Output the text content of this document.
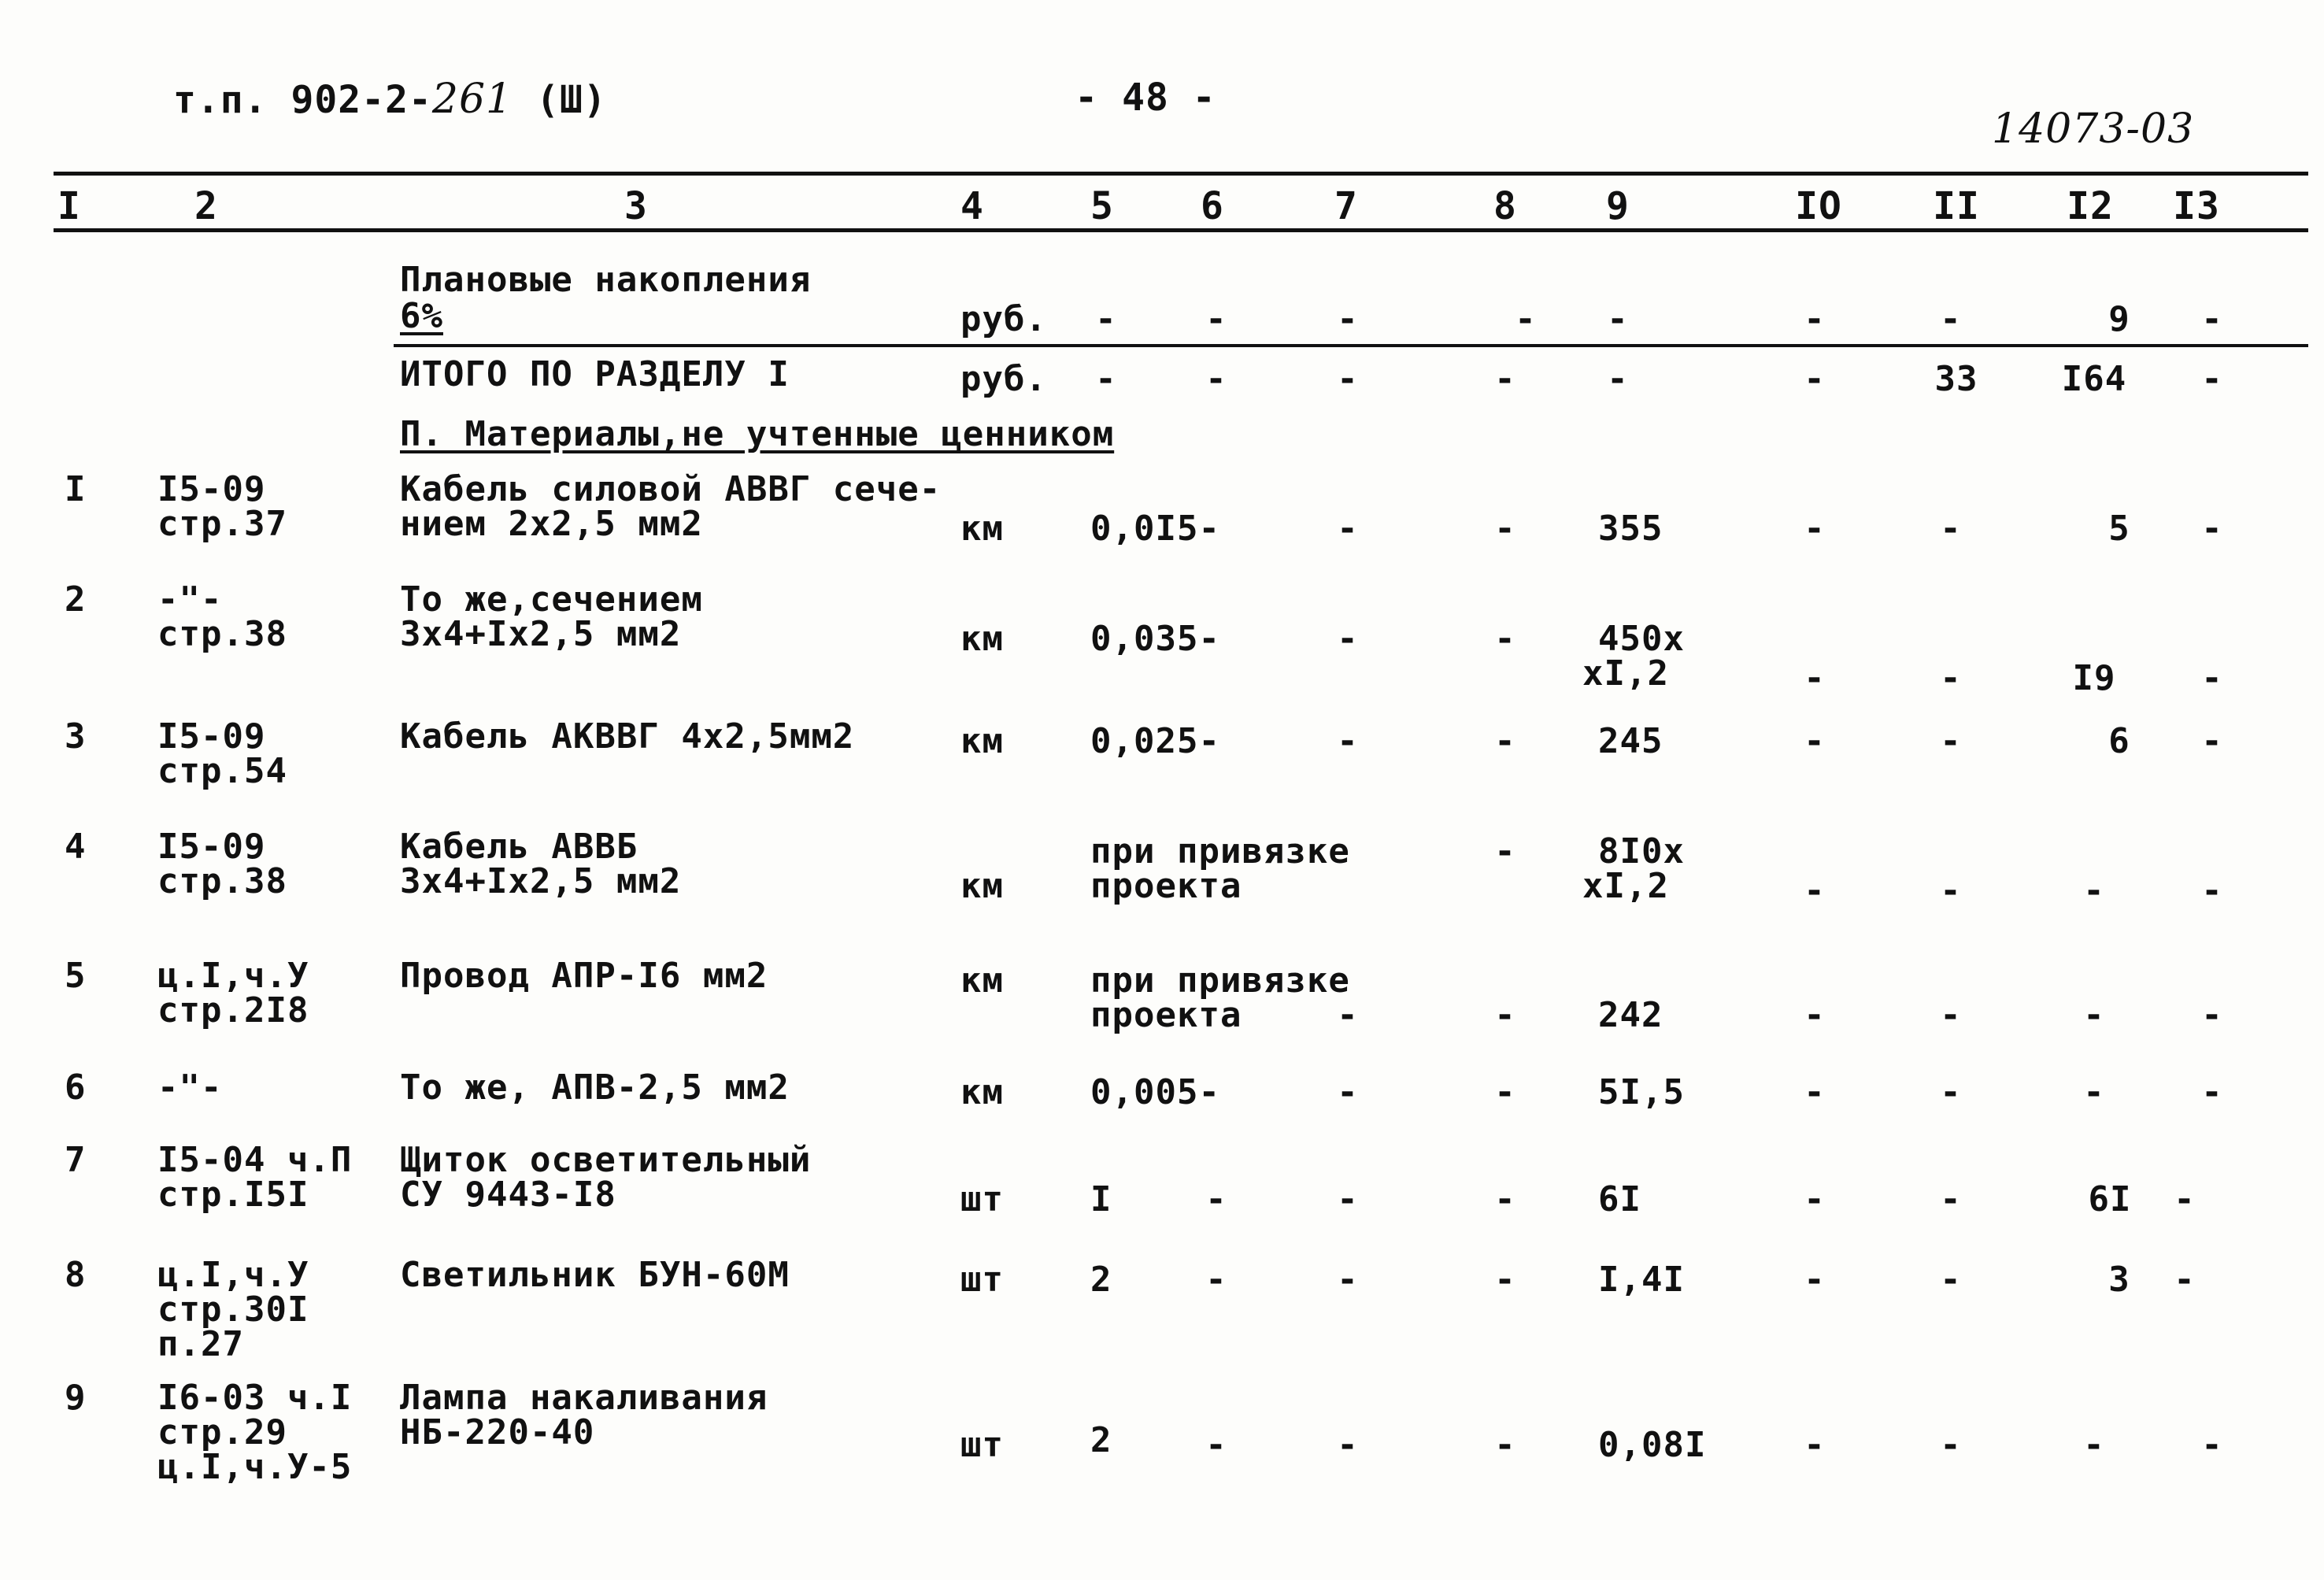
т.п. 902-2-261 (Ш)	- 48 -
14073-03
I	2	3	4	5 6	7	8 9	IO II I2 I3
Плановые накопления
6%	руб. -	-	-	- -	-	-	9 -
ИТОГО ПО РАЗДЕЛУ I	руб. -	-	-	-	-	-	33 I64 -
П. Материалы,не учтенные ценником
I I5-09
стр.37
Кабель силовой АВВГ сече-
нием 2х2,5 мм2	км	0,0I5-	-	- 355	-	-	5 -
2 -"-
стр.38
То же,сечением
3х4+Iх2,5 мм2	км	0,035-	-	- 450х
хI,2	-	-	I9 -
3 I5-09
стр.54
Кабель АКВВГ 4х2,5мм2	км	0,025-	-	- 245	-	-	6 -
4 I5-09
стр.38
Кабель АВВБ
3х4+Iх2,5 мм2	км
при привязке
проекта
- 8I0х
хI,2	-	-	-	-
5 ц.I,ч.У
стр.2I8
Провод АПР-I6 мм2	км	при привязке
проекта	-	- 242	-	-	-	-
6 -"-	То же, АПВ-2,5 мм2	км	0,005-	-	- 5I,5	-	-	-	-
7 I5-04 ч.П
стр.I5I
Щиток осветительный
СУ 9443-I8	шт	I	-	-	- 6I	-	-	6I -
8 ц.I,ч.У
стр.30I
п.27
Светильник БУН-60М	шт	2	-	-	- I,4I	-	-	3 -
9 I6-03 ч.I
стр.29
ц.I,ч.У-5
Лампа накаливания
НБ-220-40	шт	2	-	-	- 0,08I	-	-	-	-
